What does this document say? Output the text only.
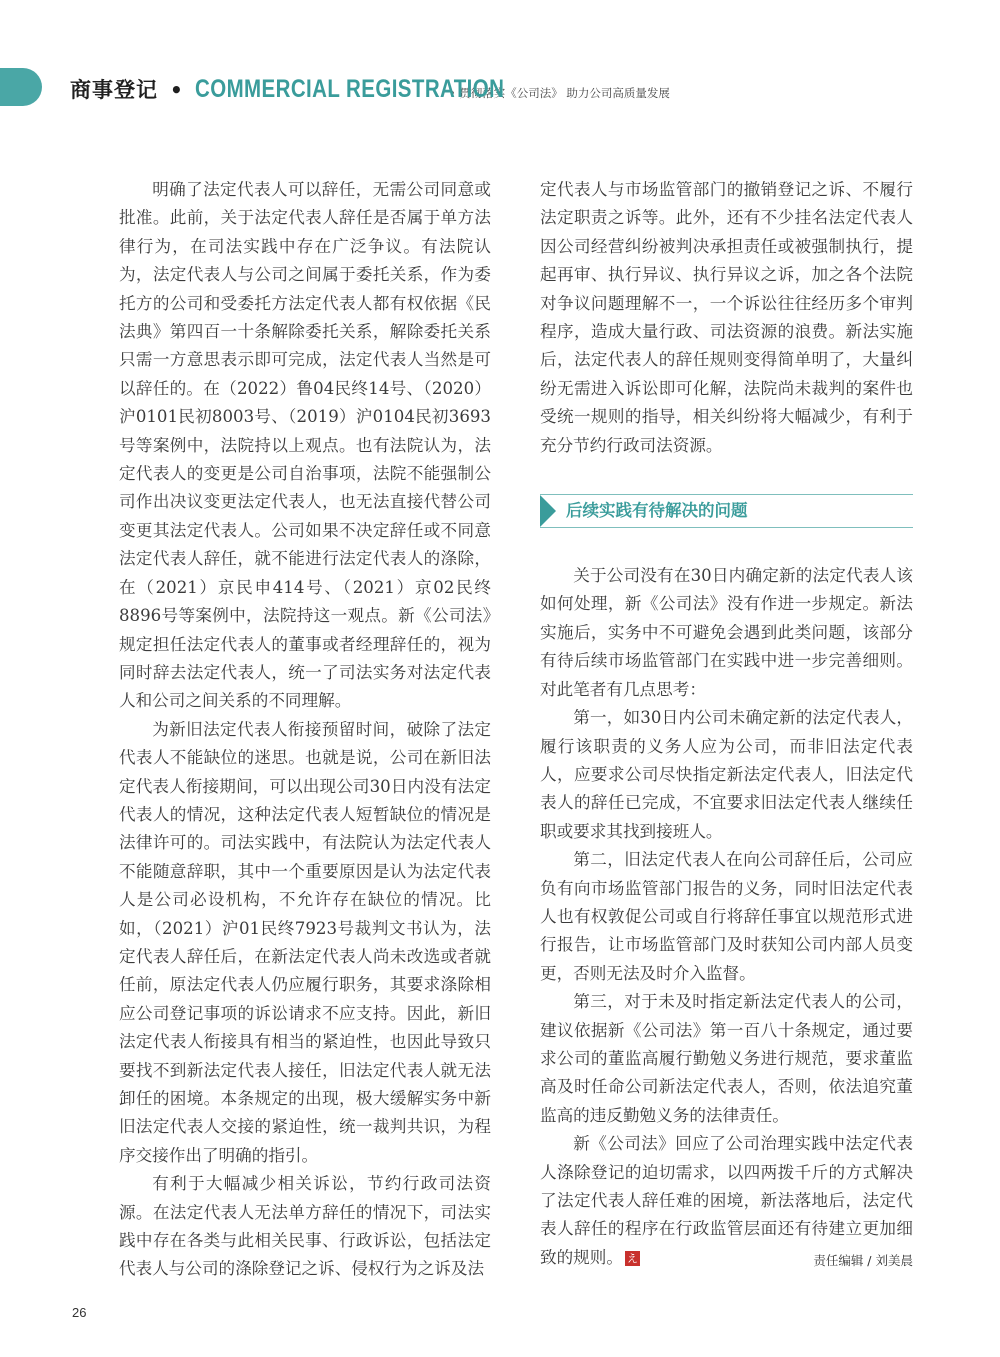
商事登记 • COMMERCIAL REGISTRATION
• 贯彻落实《公司法》 助力公司高质量发展

明确了法定代表人可以辞任，无需公司同意或批准。此前，关于法定代表人辞任是否属于单方法律行为，在司法实践中存在广泛争议。有法院认为，法定代表人与公司之间属于委托关系，作为委托方的公司和受委托方法定代表人都有权依据《民法典》第四百一十条解除委托关系，解除委托关系只需一方意思表示即可完成，法定代表人当然是可以辞任的。在（2022）鲁04民终14号、（2020）沪0101民初8003号、（2019）沪0104民初3693号等案例中，法院持以上观点。也有法院认为，法定代表人的变更是公司自治事项，法院不能强制公司作出决议变更法定代表人，也无法直接代替公司变更其法定代表人。公司如果不决定辞任或不同意法定代表人辞任，就不能进行法定代表人的涤除，在（2021）京民申414号、（2021）京02民终8896号等案例中，法院持这一观点。新《公司法》规定担任法定代表人的董事或者经理辞任的，视为同时辞去法定代表人，统一了司法实务对法定代表人和公司之间关系的不同理解。

为新旧法定代表人衔接预留时间，破除了法定代表人不能缺位的迷思。也就是说，公司在新旧法定代表人衔接期间，可以出现公司30日内没有法定代表人的情况，这种法定代表人短暂缺位的情况是法律许可的。司法实践中，有法院认为法定代表人不能随意辞职，其中一个重要原因是认为法定代表人是公司必设机构，不允许存在缺位的情况。比如，（2021）沪01民终7923号裁判文书认为，法定代表人辞任后，在新法定代表人尚未改选或者就任前，原法定代表人仍应履行职务，其要求涤除相应公司登记事项的诉讼请求不应支持。因此，新旧法定代表人衔接具有相当的紧迫性，也因此导致只要找不到新法定代表人接任，旧法定代表人就无法卸任的困境。本条规定的出现，极大缓解实务中新旧法定代表人交接的紧迫性，统一裁判共识，为程序交接作出了明确的指引。

有利于大幅减少相关诉讼，节约行政司法资源。在法定代表人无法单方辞任的情况下，司法实践中存在各类与此相关民事、行政诉讼，包括法定代表人与公司的涤除登记之诉、侵权行为之诉及法

定代表人与市场监管部门的撤销登记之诉、不履行法定职责之诉等。此外，还有不少挂名法定代表人因公司经营纠纷被判决承担责任或被强制执行，提起再审、执行异议、执行异议之诉，加之各个法院对争议问题理解不一，一个诉讼往往经历多个审判程序，造成大量行政、司法资源的浪费。新法实施后，法定代表人的辞任规则变得简单明了，大量纠纷无需进入诉讼即可化解，法院尚未裁判的案件也受统一规则的指导，相关纠纷将大幅减少，有利于充分节约行政司法资源。

后续实践有待解决的问题

关于公司没有在30日内确定新的法定代表人该如何处理，新《公司法》没有作进一步规定。新法实施后，实务中不可避免会遇到此类问题，该部分有待后续市场监管部门在实践中进一步完善细则。对此笔者有几点思考：

第一，如30日内公司未确定新的法定代表人，履行该职责的义务人应为公司，而非旧法定代表人，应要求公司尽快指定新法定代表人，旧法定代表人的辞任已完成，不宜要求旧法定代表人继续任职或要求其找到接班人。

第二，旧法定代表人在向公司辞任后，公司应负有向市场监管部门报告的义务，同时旧法定代表人也有权敦促公司或自行将辞任事宜以规范形式进行报告，让市场监管部门及时获知公司内部人员变更，否则无法及时介入监督。

第三，对于未及时指定新法定代表人的公司，建议依据新《公司法》第一百八十条规定，通过要求公司的董监高履行勤勉义务进行规范，要求董监高及时任命公司新法定代表人，否则，依法追究董监高的违反勤勉义务的法律责任。

新《公司法》回应了公司治理实践中法定代表人涤除登记的迫切需求，以四两拨千斤的方式解决了法定代表人辞任难的困境，新法落地后，法定代表人辞任的程序在行政监管层面还有待建立更加细致的规则。 え	责任编辑 / 刘美晨
26
